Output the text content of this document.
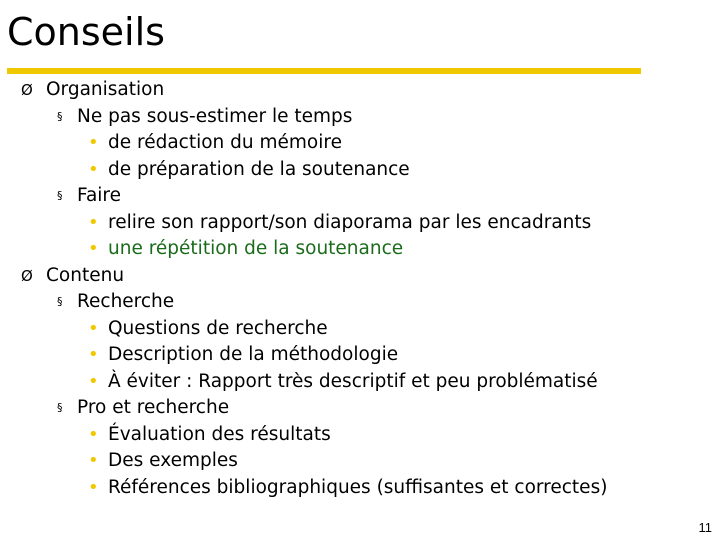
Conseils
Ø Organisation
§ Ne pas sous-estimer le temps
• de rédaction du mémoire
• de préparation de la soutenance
§ Faire
• relire son rapport/son diaporama par les encadrants
• une répétition de la soutenance
Ø Contenu
§ Recherche
• Questions de recherche
• Description de la méthodologie
• À éviter : Rapport très descriptif et peu problématisé
§ Pro et recherche
• Évaluation des résultats
• Des exemples
• Références bibliographiques (suffisantes et correctes)
11
